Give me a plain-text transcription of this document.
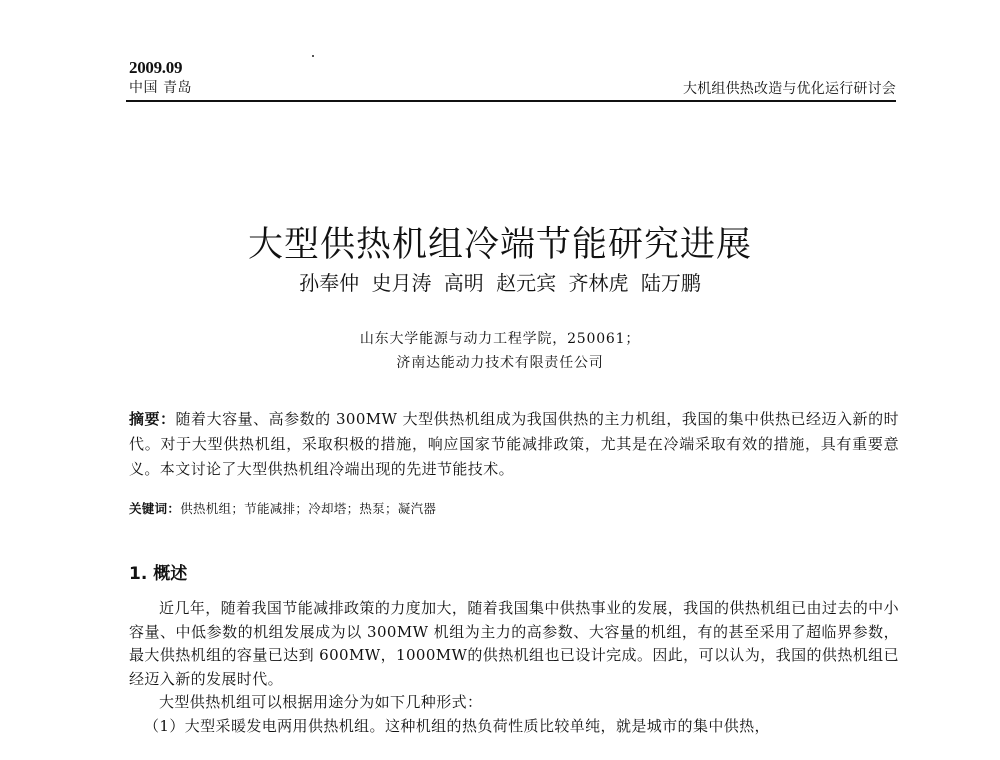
2009.09
中国 青岛	大机组供热改造与优化运行研讨会
大型供热机组冷端节能研究进展
孙奉仲 史月涛 高明 赵元宾 齐林虎 陆万鹏
山东大学能源与动力工程学院，250061；
济南达能动力技术有限责任公司
摘要：随着大容量、高参数的 300MW 大型供热机组成为我国供热的主力机组，我国的集中供热已经迈入新的时代。对于大型供热机组，采取积极的措施，响应国家节能减排政策，尤其是在冷端采取有效的措施，具有重要意义。本文讨论了大型供热机组冷端出现的先进节能技术。
关键词：供热机组；节能减排；冷却塔；热泵；凝汽器
1. 概述

近几年，随着我国节能减排政策的力度加大，随着我国集中供热事业的发展，我国的供热机组已由过去的中小容量、中低参数的机组发展成为以 300MW 机组为主力的高参数、大容量的机组，有的甚至采用了超临界参数，最大供热机组的容量已达到 600MW，1000MW的供热机组也已设计完成。因此，可以认为，我国的供热机组已经迈入新的发展时代。

大型供热机组可以根据用途分为如下几种形式：

（1）大型采暖发电两用供热机组。这种机组的热负荷性质比较单纯，就是城市的集中供热，
